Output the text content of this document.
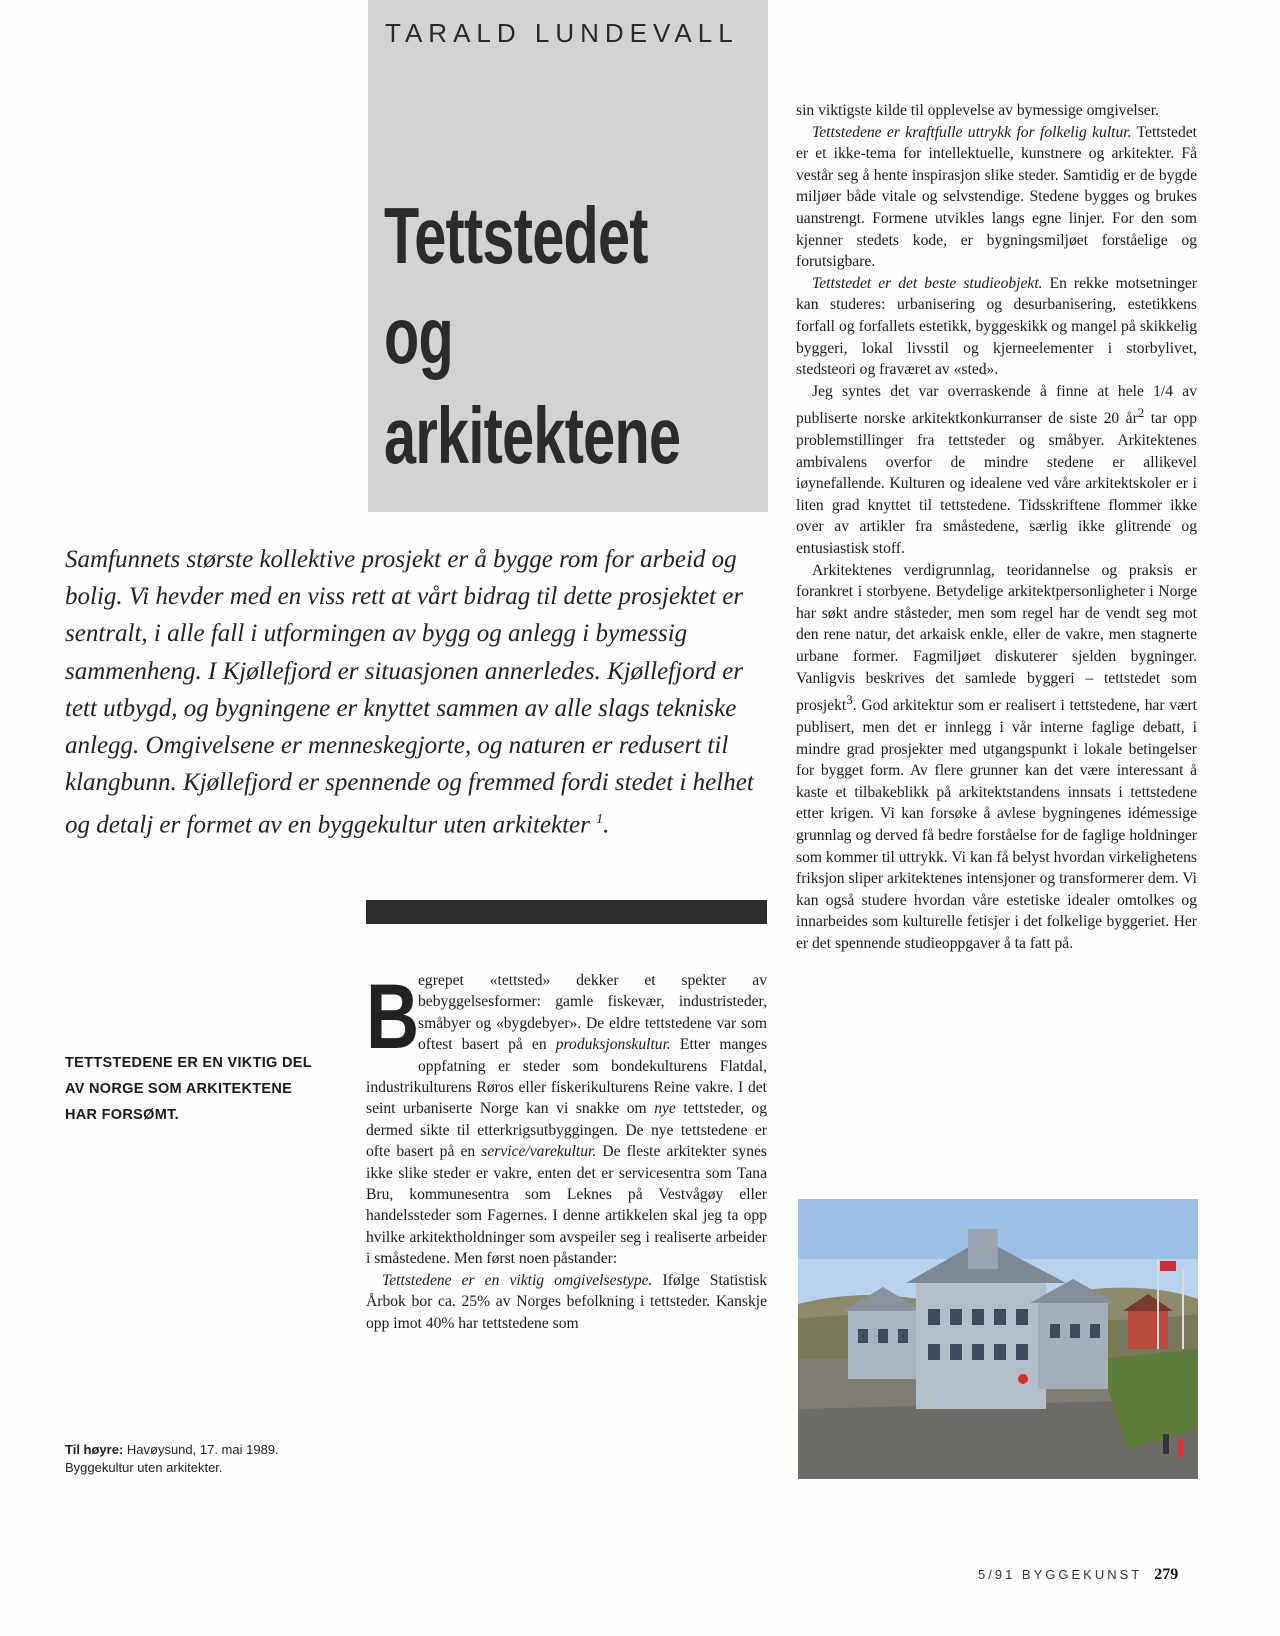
TARALD LUNDEVALL
Tettstedet
og
arkitektene

Samfunnets største kollektive prosjekt er å bygge rom for arbeid og bolig. Vi hevder med en viss rett at vårt bidrag til dette prosjektet er sentralt, i alle fall i utformingen av bygg og anlegg i bymessig sammenheng. I Kjøllefjord er situasjonen annerledes. Kjøllefjord er tett utbygd, og bygningene er knyttet sammen av alle slags tekniske anlegg. Omgivelsene er menneskegjorte, og naturen er redusert til klangbunn. Kjøllefjord er spennende og fremmed fordi stedet i helhet og detalj er formet av en byggekultur uten arkitekter $^1$.

TETTSTEDENE ER EN VIKTIG DEL AV NORGE SOM ARKITEKTENE HAR FORSØMT.

Til høyre: Havøysund, 17. mai 1989.
Byggekultur uten arkitekter.

B
egrepet «tettsted» dekker et spekter av bebyggelsesformer: gamle fiskevær, industristeder, småbyer og «bygdebyer». De eldre tettstedene var som oftest basert på en produksjonskultur. Etter manges oppfatning er steder som bondekulturens Flatdal, industrikulturens Røros eller fiskerikulturens Reine vakre. I det seint urbaniserte Norge kan vi snakke om nye tettsteder, og dermed sikte til etterkrigsutbyggingen. De nye tettstedene er ofte basert på en service/varekultur. De fleste arkitekter synes ikke slike steder er vakre, enten det er servicesentra som Tana Bru, kommunesentra som Leknes på Vestvågøy eller handelssteder som Fagernes. I denne artikkelen skal jeg ta opp hvilke arkitektholdninger som avspeiler seg i realiserte arbeider i småstedene. Men først noen påstander:

Tettstedene er en viktig omgivelsestype. Ifølge Statistisk Årbok bor ca. 25% av Norges befolkning i tettsteder. Kanskje opp imot 40% har tettstedene som

sin viktigste kilde til opplevelse av bymessige omgivelser.

Tettstedene er kraftfulle uttrykk for folkelig kultur. Tettstedet er et ikke-tema for intellektuelle, kunstnere og arkitekter. Få vestår seg å hente inspirasjon slike steder. Samtidig er de bygde miljøer både vitale og selvstendige. Stedene bygges og brukes uanstrengt. Formene utvikles langs egne linjer. For den som kjenner stedets kode, er bygningsmiljøet forståelige og forutsigbare.

Tettstedet er det beste studieobjekt. En rekke motsetninger kan studeres: urbanisering og desurbanisering, estetikkens forfall og forfallets estetikk, byggeskikk og mangel på skikkelig byggeri, lokal livsstil og kjerneelementer i storbylivet, stedsteori og fraværet av «sted».

Jeg syntes det var overraskende å finne at hele 1/4 av publiserte norske arkitektkonkurranser de siste 20 $år^2$ tar opp problemstillinger fra tettsteder og småbyer. Arkitektenes ambivalens overfor de mindre stedene er allikevel iøynefallende. Kulturen og idealene ved våre arkitektskoler er i liten grad knyttet til tettstedene. Tidsskriftene flommer ikke over av artikler fra småstedene, særlig ikke glitrende og entusiastisk stoff.

Arkitektenes verdigrunnlag, teoridannelse og praksis er forankret i storbyene. Betydelige arkitektpersonligheter i Norge har søkt andre ståsteder, men som regel har de vendt seg mot den rene natur, det arkaisk enkle, eller de vakre, men stagnerte urbane former. Fagmiljøet diskuterer sjelden bygninger. Vanligvis beskrives det samlede byggeri – tettstedet som prosjekt$^3$. God arkitektur som er realisert i tettstedene, har vært publisert, men det er innlegg i vår interne faglige debatt, i mindre grad prosjekter med utgangspunkt i lokale betingelser for bygget form. Av flere grunner kan det være interessant å kaste et tilbakeblikk på arkitektstandens innsats i tettstedene etter krigen. Vi kan forsøke å avlese bygningenes idémessige grunnlag og derved få bedre forståelse for de faglige holdninger som kommer til uttrykk. Vi kan få belyst hvordan virkelighetens friksjon sliper arkitektenes intensjoner og transformerer dem. Vi kan også studere hvordan våre estetiske idealer omtolkes og innarbeides som kulturelle fetisjer i det folkelige byggeriet. Her er det spennende studieoppgaver å ta fatt på.

5/91 BYGGEKUNST 279
